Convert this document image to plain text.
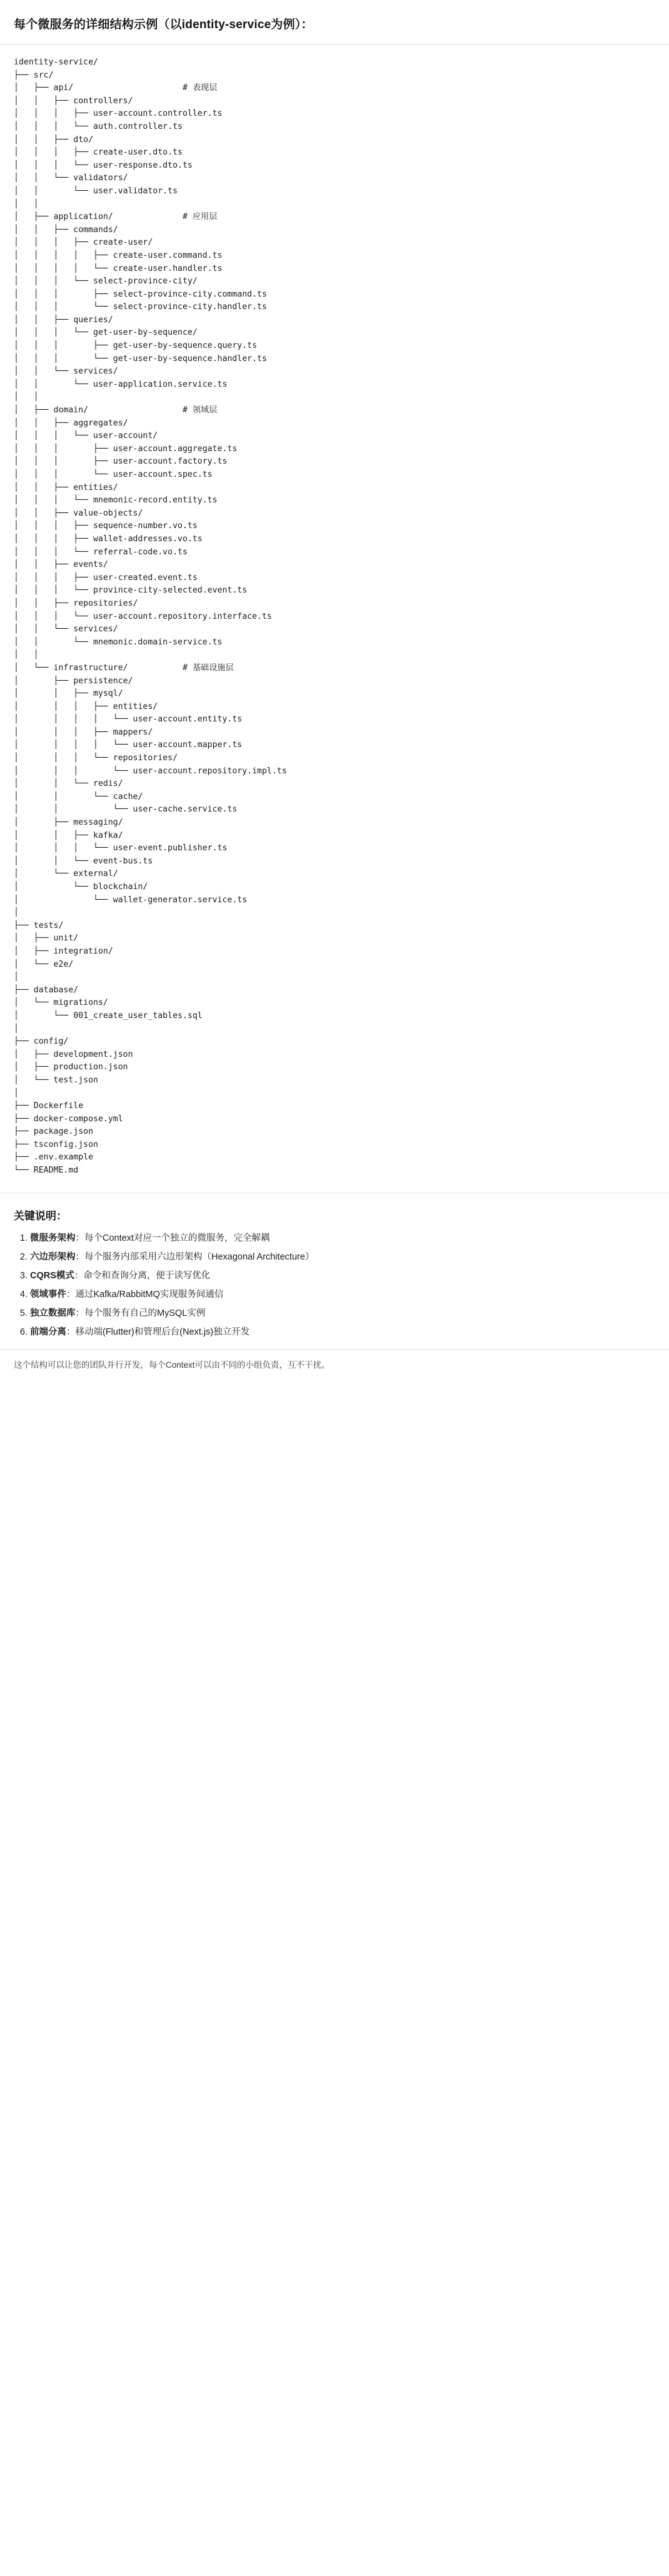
每个微服务的详细结构示例（以identity-service为例）：
identity-service/
├── src/
│   ├── api/                      # 表现层
│   │   ├── controllers/
│   │   │   ├── user-account.controller.ts
│   │   │   └── auth.controller.ts
│   │   ├── dto/
│   │   │   ├── create-user.dto.ts
│   │   │   └── user-response.dto.ts
│   │   └── validators/
│   │       └── user.validator.ts
│   │
│   ├── application/              # 应用层
│   │   ├── commands/
│   │   │   ├── create-user/
│   │   │   │   ├── create-user.command.ts
│   │   │   │   └── create-user.handler.ts
│   │   │   └── select-province-city/
│   │   │       ├── select-province-city.command.ts
│   │   │       └── select-province-city.handler.ts
│   │   ├── queries/
│   │   │   └── get-user-by-sequence/
│   │   │       ├── get-user-by-sequence.query.ts
│   │   │       └── get-user-by-sequence.handler.ts
│   │   └── services/
│   │       └── user-application.service.ts
│   │
│   ├── domain/                   # 领域层
│   │   ├── aggregates/
│   │   │   └── user-account/
│   │   │       ├── user-account.aggregate.ts
│   │   │       ├── user-account.factory.ts
│   │   │       └── user-account.spec.ts
│   │   ├── entities/
│   │   │   └── mnemonic-record.entity.ts
│   │   ├── value-objects/
│   │   │   ├── sequence-number.vo.ts
│   │   │   ├── wallet-addresses.vo.ts
│   │   │   └── referral-code.vo.ts
│   │   ├── events/
│   │   │   ├── user-created.event.ts
│   │   │   └── province-city-selected.event.ts
│   │   ├── repositories/
│   │   │   └── user-account.repository.interface.ts
│   │   └── services/
│   │       └── mnemonic.domain-service.ts
│   │
│   └── infrastructure/           # 基础设施层
│       ├── persistence/
│       │   ├── mysql/
│       │   │   ├── entities/
│       │   │   │   └── user-account.entity.ts
│       │   │   ├── mappers/
│       │   │   │   └── user-account.mapper.ts
│       │   │   └── repositories/
│       │   │       └── user-account.repository.impl.ts
│       │   └── redis/
│       │       └── cache/
│       │           └── user-cache.service.ts
│       ├── messaging/
│       │   ├── kafka/
│       │   │   └── user-event.publisher.ts
│       │   └── event-bus.ts
│       └── external/
│           └── blockchain/
│               └── wallet-generator.service.ts
│
├── tests/
│   ├── unit/
│   ├── integration/
│   └── e2e/
│
├── database/
│   └── migrations/
│       └── 001_create_user_tables.sql
│
├── config/
│   ├── development.json
│   ├── production.json
│   └── test.json
│
├── Dockerfile
├── docker-compose.yml
├── package.json
├── tsconfig.json
├── .env.example
└── README.md
关键说明：
1. 微服务架构：每个Context对应一个独立的微服务，完全解耦
2. 六边形架构：每个服务内部采用六边形架构（Hexagonal Architecture）
3. CQRS模式：命令和查询分离，便于读写优化
4. 领域事件：通过Kafka/RabbitMQ实现服务间通信
5. 独立数据库：每个服务有自己的MySQL实例
6. 前端分离：移动端(Flutter)和管理后台(Next.js)独立开发
这个结构可以让您的团队并行开发，每个Context可以由不同的小组负责，互不干扰。
